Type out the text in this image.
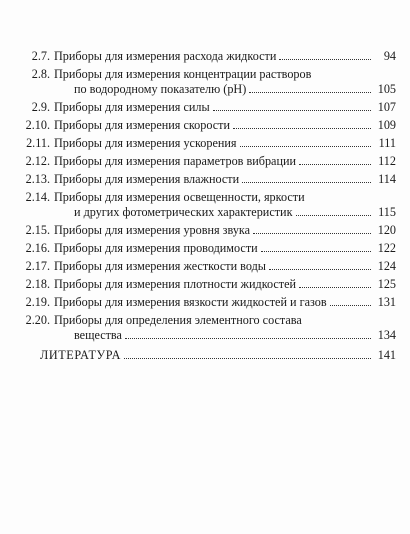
2.7. Приборы для измерения расхода жидкости	94
2.8. Приборы для измерения концентрации растворов
по водородному показателю (pH)	105
2.9. Приборы для измерения силы	107
2.10. Приборы для измерения скорости	109
2.11. Приборы для измерения ускорения	111
2.12. Приборы для измерения параметров вибрации	112
2.13. Приборы для измерения влажности	114
2.14. Приборы для измерения освещенности, яркости
и других фотометрических характеристик	115
2.15. Приборы для измерения уровня звука	120
2.16. Приборы для измерения проводимости	122
2.17. Приборы для измерения жесткости воды	124
2.18. Приборы для измерения плотности жидкостей	125
2.19. Приборы для измерения вязкости жидкостей и газов	131
2.20. Приборы для определения элементного состава
вещества	134
ЛИТЕРАТУРА	141
